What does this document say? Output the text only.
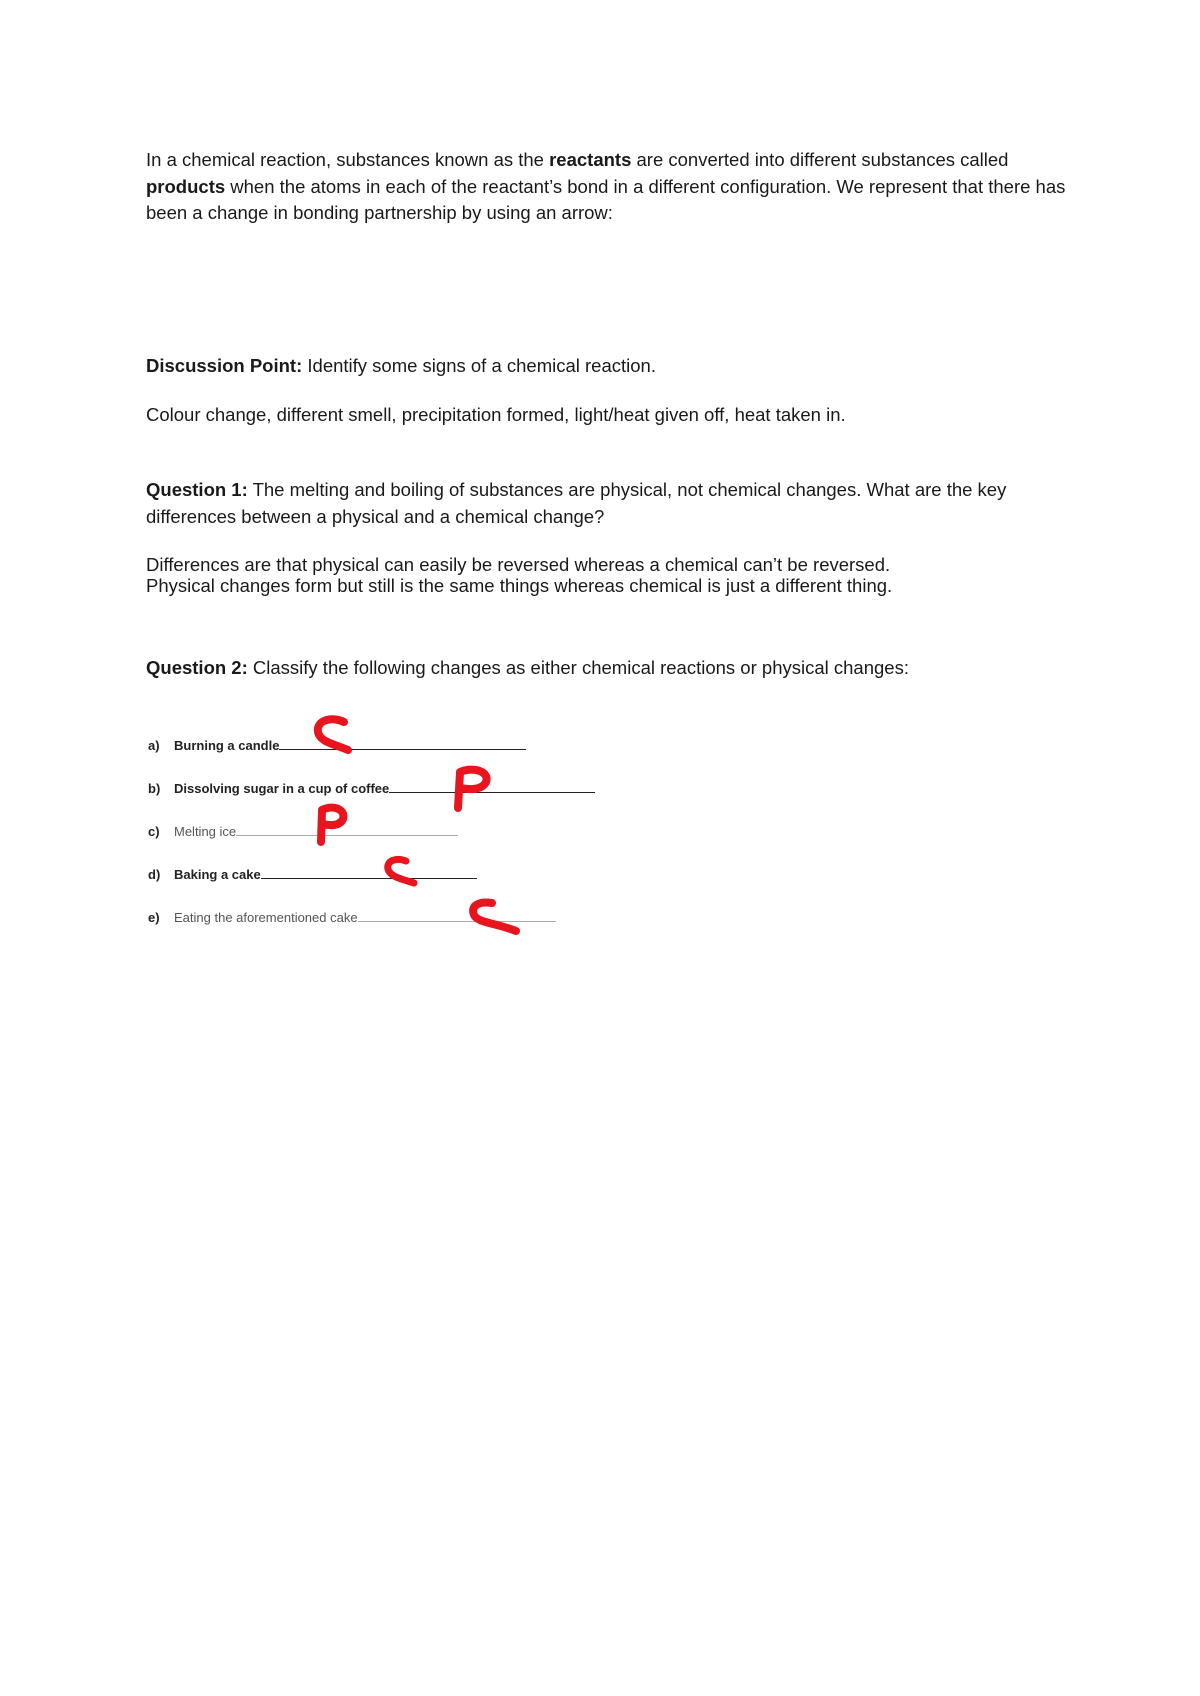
In a chemical reaction, substances known as the reactants are converted into different substances called products when the atoms in each of the reactant’s bond in a different configuration. We represent that there has been a change in bonding partnership by using an arrow:

Discussion Point: Identify some signs of a chemical reaction.

Colour change, different smell, precipitation formed, light/heat given off, heat taken in.

Question 1: The melting and boiling of substances are physical, not chemical changes. What are the key differences between a physical and a chemical change?

Differences are that physical can easily be reversed whereas a chemical can’t be reversed.
Physical changes form but still is the same things whereas chemical is just a different thing.

Question 2: Classify the following changes as either chemical reactions or physical changes:

a) Burning a candle
b) Dissolving sugar in a cup of coffee
c) Melting ice
d) Baking a cake
e) Eating the aforementioned cake
